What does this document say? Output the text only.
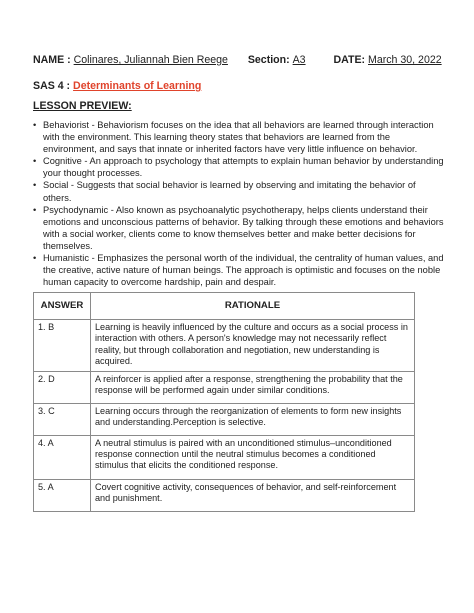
NAME : Colinares, Juliannah Bien Reege Section: A3	DATE: March 30, 2022
SAS 4 : Determinants of Learning
LESSON PREVIEW:
• Behaviorist - Behaviorism focuses on the idea that all behaviors are learned through interaction with the environment. This learning theory states that behaviors are learned from the environment, and says that innate or inherited factors have very little influence on behavior.
• Cognitive - An approach to psychology that attempts to explain human behavior by understanding your thought processes.
• Social - Suggests that social behavior is learned by observing and imitating the behavior of others.
• Psychodynamic - Also known as psychoanalytic psychotherapy, helps clients understand their emotions and unconscious patterns of behavior. By talking through these emotions and behaviors with a social worker, clients come to know themselves better and make better decisions for themselves.
• Humanistic - Emphasizes the personal worth of the individual, the centrality of human values, and the creative, active nature of human beings. The approach is optimistic and focuses on the noble human capacity to overcome hardship, pain and despair.
ANSWER	RATIONALE
1. B	Learning is heavily influenced by the culture and occurs as a social process in interaction with others. A person's knowledge may not necessarily reflect reality, but through collaboration and negotiation, new understanding is acquired.
2. D	A reinforcer is applied after a response, strengthening the probability that the response will be performed again under similar conditions.
3. C	Learning occurs through the reorganization of elements to form new insights and understanding.Perception is selective.
4. A	A neutral stimulus is paired with an unconditioned stimulus–unconditioned response connection until the neutral stimulus becomes a conditioned stimulus that elicits the conditioned response.
5. A	Covert cognitive activity, consequences of behavior, and self-reinforcement and punishment.
